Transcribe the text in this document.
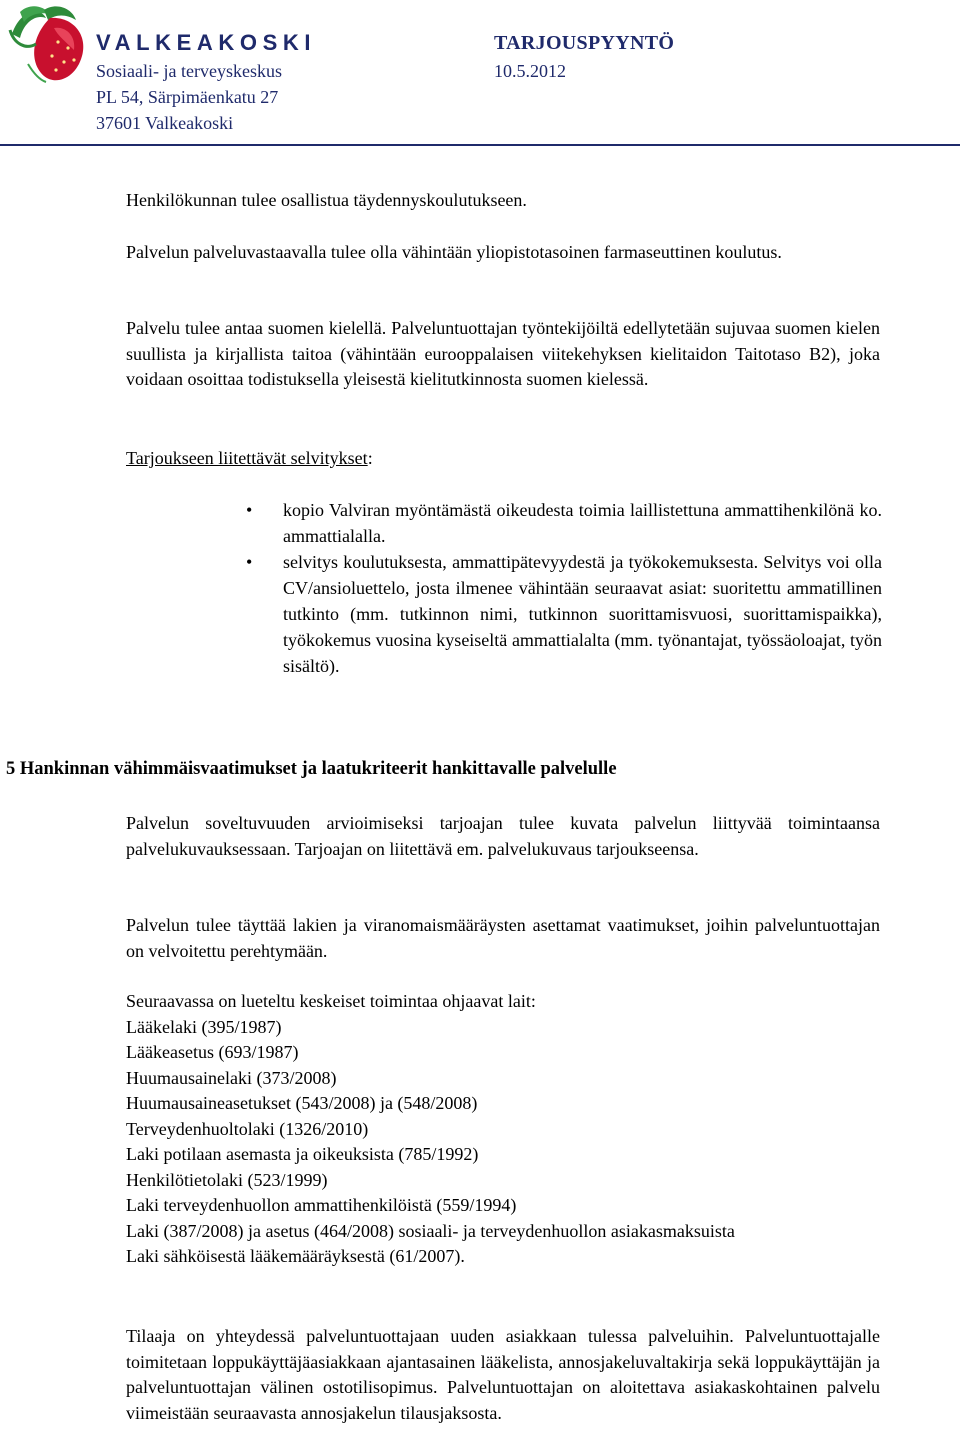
VALKEAKOSKI
Sosiaali- ja terveyskeskus
PL 54, Särpimäenkatu 27
37601 Valkeakoski
TARJOUSPYYNTÖ
10.5.2012
Henkilökunnan tulee osallistua täydennyskoulutukseen.
Palvelun palveluvastaavalla tulee olla vähintään yliopistotasoinen farmaseuttinen koulutus.
Palvelu tulee antaa suomen kielellä. Palveluntuottajan työntekijöiltä edellytetään sujuvaa suomen kielen suullista ja kirjallista taitoa (vähintään eurooppalaisen viitekehyksen kielitaidon Taitotaso B2), joka voidaan osoittaa todistuksella yleisestä kielitutkinnosta suomen kielessä.
Tarjoukseen liitettävät selvitykset:
• kopio Valviran myöntämästä oikeudesta toimia laillistettuna ammattihenkilönä ko. ammattialalla.
• selvitys koulutuksesta, ammattipätevyydestä ja työkokemuksesta. Selvitys voi olla CV/ansioluettelo, josta ilmenee vähintään seuraavat asiat: suoritettu ammatillinen tutkinto (mm. tutkinnon nimi, tutkinnon suorittamisvuosi, suorittamispaikka), työkokemus vuosina kyseiseltä ammattialalta (mm. työnantajat, työssäoloajat, työn sisältö).
5 Hankinnan vähimmäisvaatimukset ja laatukriteerit hankittavalle palvelulle
Palvelun soveltuvuuden arvioimiseksi tarjoajan tulee kuvata palvelun liittyvää toimintaansa palvelukuvauksessaan. Tarjoajan on liitettävä em. palvelukuvaus tarjoukseensa.
Palvelun tulee täyttää lakien ja viranomaismääräysten asettamat vaatimukset, joihin palveluntuottajan on velvoitettu perehtymään.
Seuraavassa on lueteltu keskeiset toimintaa ohjaavat lait:
Lääkelaki (395/1987)
Lääkeasetus (693/1987)
Huumausainelaki (373/2008)
Huumausaineasetukset (543/2008) ja (548/2008)
Terveydenhuoltolaki (1326/2010)
Laki potilaan asemasta ja oikeuksista (785/1992)
Henkilötietolaki (523/1999)
Laki terveydenhuollon ammattihenkilöistä (559/1994)
Laki (387/2008) ja asetus (464/2008) sosiaali- ja terveydenhuollon asiakasmaksuista
Laki sähköisestä lääkemääräyksestä (61/2007).
Tilaaja on yhteydessä palveluntuottajaan uuden asiakkaan tulessa palveluihin. Palveluntuottajalle toimitetaan loppukäyttäjäasiakkaan ajantasainen lääkelista, annosjakeluvaltakirja sekä loppukäyttäjän ja palveluntuottajan välinen ostotilisopimus. Palveluntuottajan on aloitettava asiakaskohtainen palvelu viimeistään seuraavasta annosjakelun tilausjaksosta.
